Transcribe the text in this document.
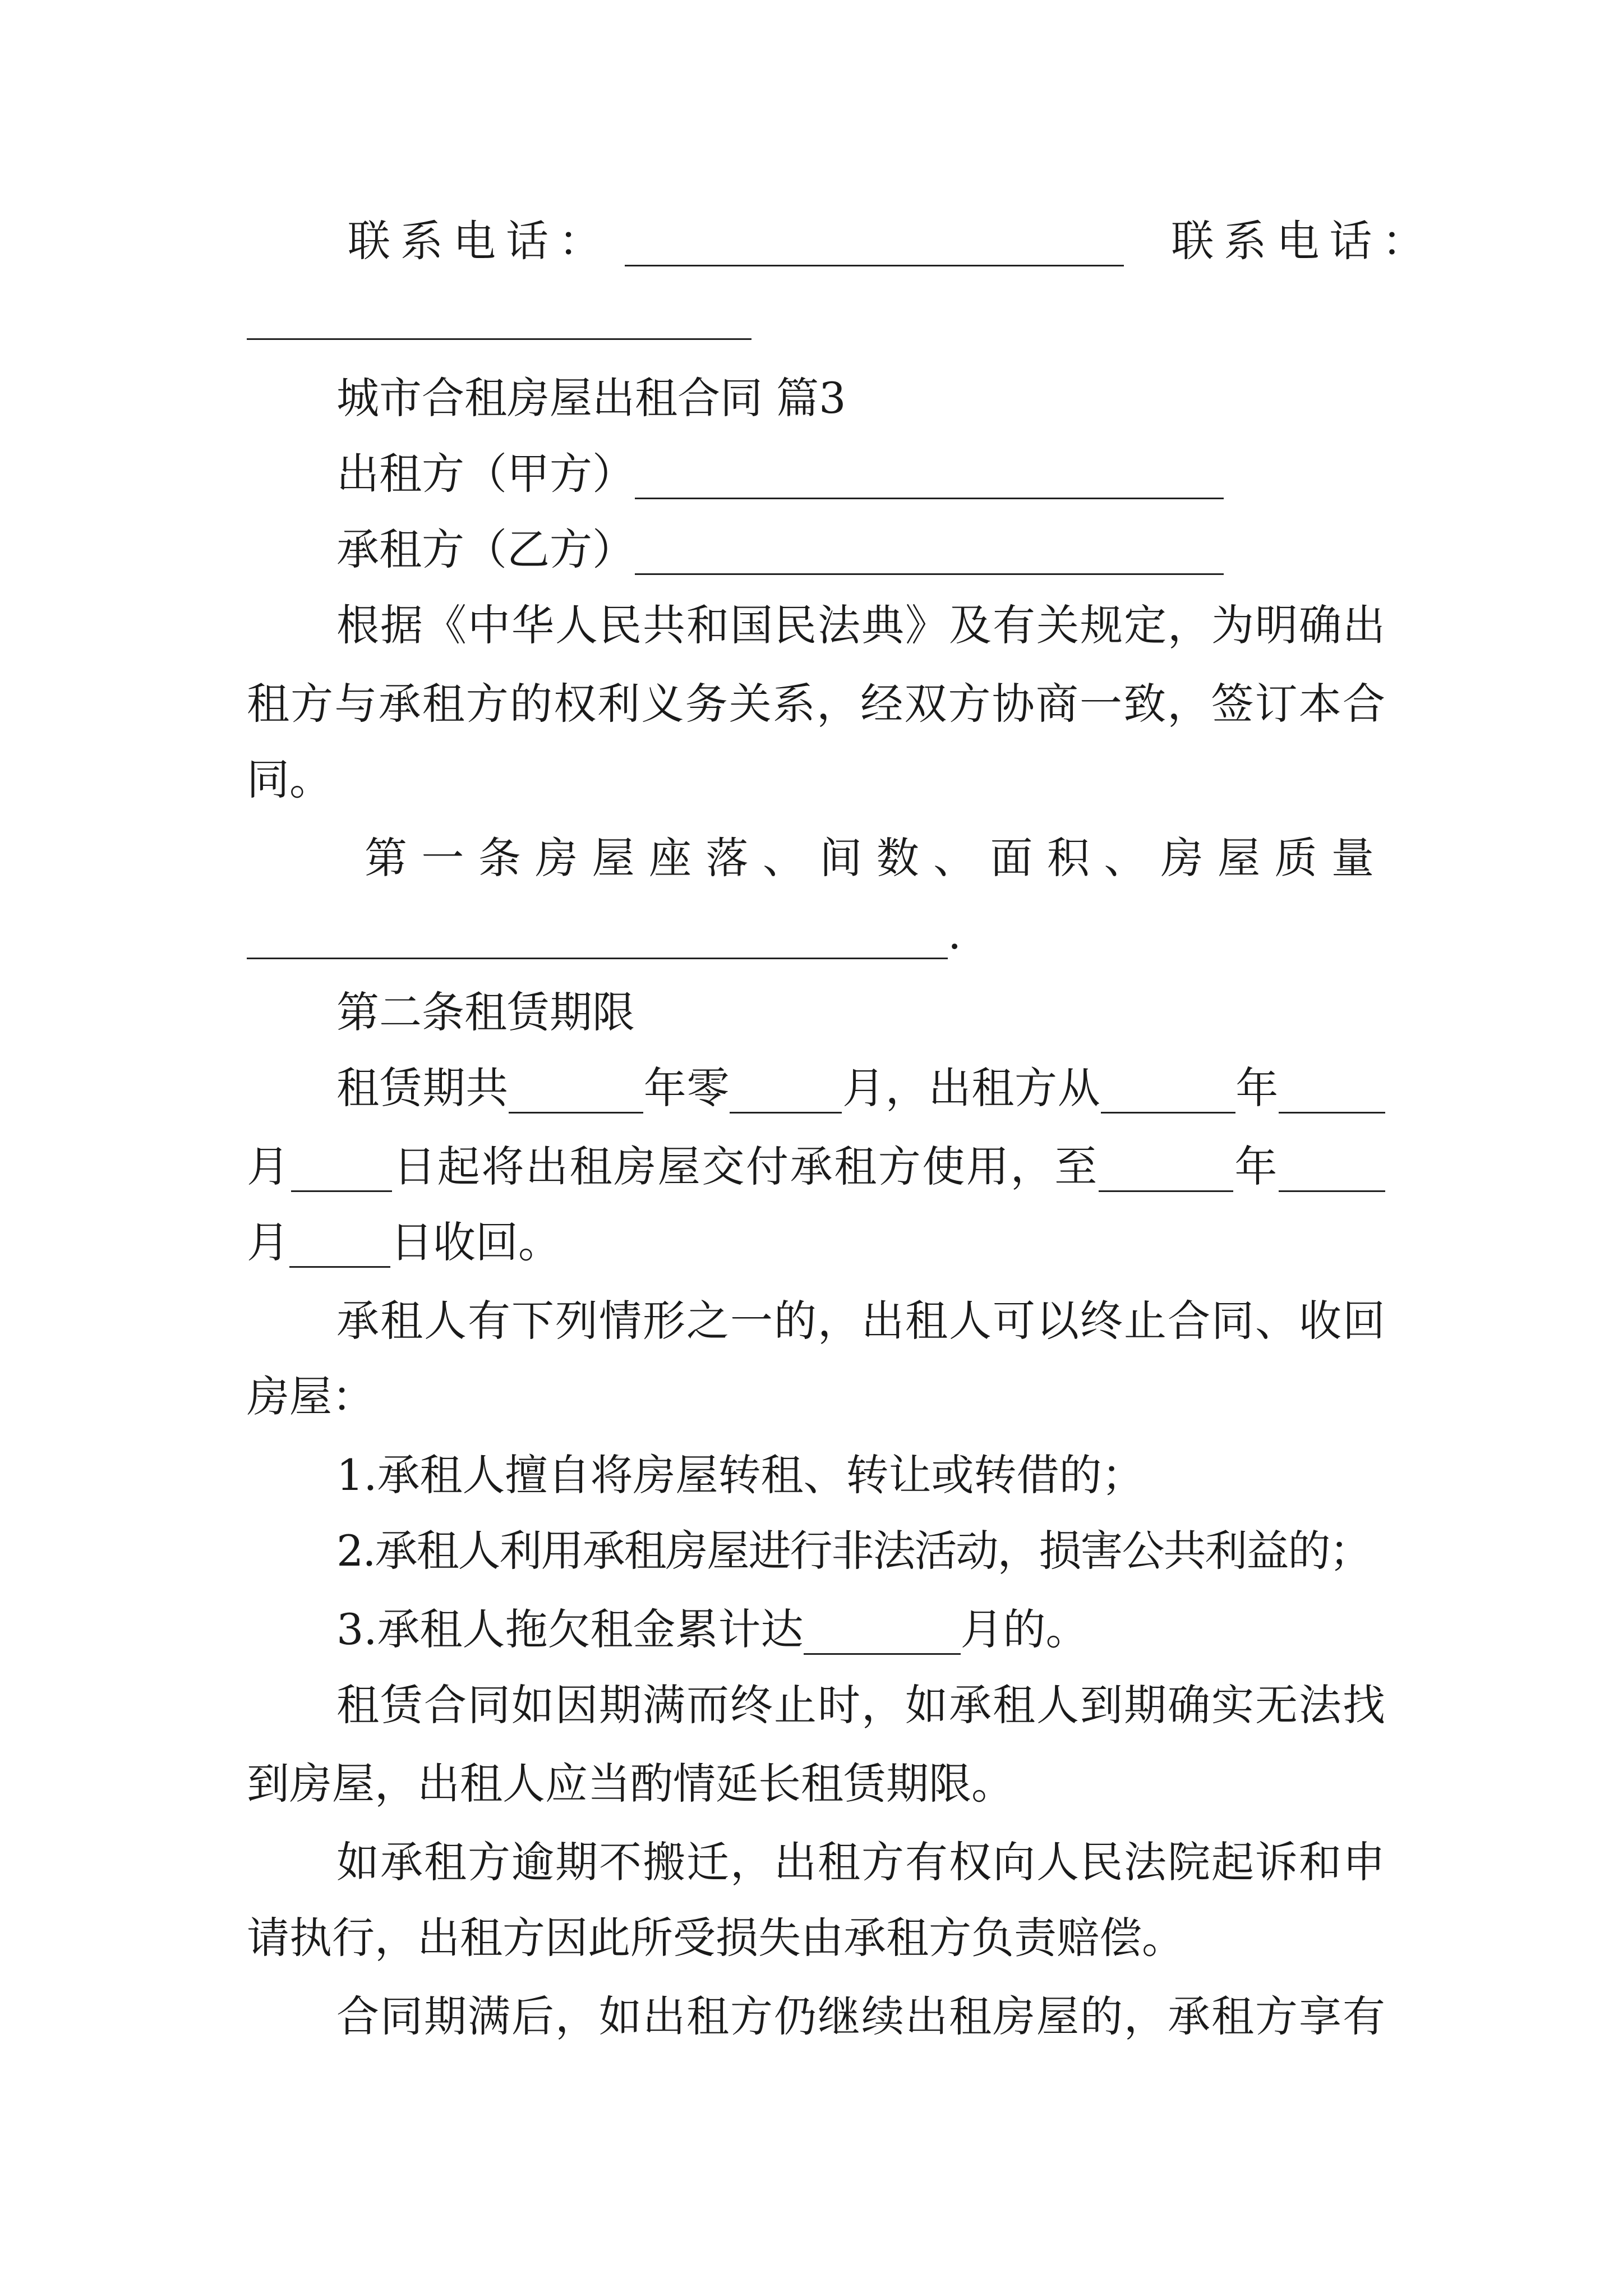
联系电话：	联系电话：
城市合租房屋出租合同 篇3
出租方（甲方）
承租方（乙方）
根据《中华人民共和国民法典》及有关规定，为明确出
租方与承租方的权利义务关系，经双方协商一致，签订本合
同。
第一条房屋座落、间数、面积、房屋质量
.
第二条租赁期限
租赁期共	年零	月，出租方从	年
月 日起将出租房屋交付承租方使用，至	年
月 日收回。
承租人有下列情形之一的，出租人可以终止合同、收回
房屋：
1.承租人擅自将房屋转租、转让或转借的；
2.承租人利用承租房屋进行非法活动，损害公共利益的；
3.承租人拖欠租金累计达	月的。
租赁合同如因期满而终止时，如承租人到期确实无法找
到房屋，出租人应当酌情延长租赁期限。
如承租方逾期不搬迁，出租方有权向人民法院起诉和申
请执行，出租方因此所受损失由承租方负责赔偿。
合同期满后，如出租方仍继续出租房屋的，承租方享有
